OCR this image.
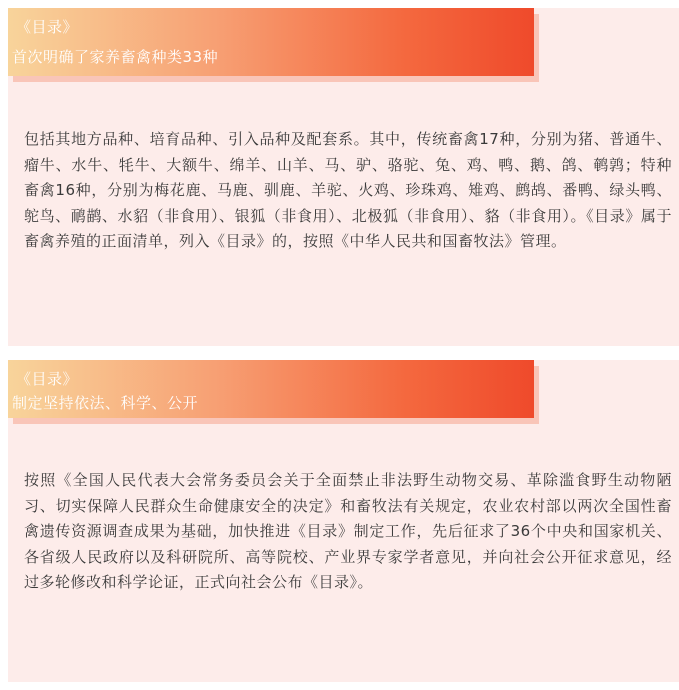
《目录》
首次明确了家养畜禽种类33种

包括其地方品种、培育品种、引入品种及配套系。其中，传统畜禽17种，分别为猪、普通牛、瘤牛、水牛、牦牛、大额牛、绵羊、山羊、马、驴、骆驼、兔、鸡、鸭、鹅、鸽、鹌鹑；特种畜禽16种，分别为梅花鹿、马鹿、驯鹿、羊驼、火鸡、珍珠鸡、雉鸡、鹧鸪、番鸭、绿头鸭、鸵鸟、鸸鹋、水貂（非食用）、银狐（非食用）、北极狐（非食用）、貉（非食用）。《目录》属于畜禽养殖的正面清单，列入《目录》的，按照《中华人民共和国畜牧法》管理。

《目录》
制定坚持依法、科学、公开

按照《全国人民代表大会常务委员会关于全面禁止非法野生动物交易、革除滥食野生动物陋习、切实保障人民群众生命健康安全的决定》和畜牧法有关规定，农业农村部以两次全国性畜禽遗传资源调查成果为基础，加快推进《目录》制定工作，先后征求了36个中央和国家机关、各省级人民政府以及科研院所、高等院校、产业界专家学者意见，并向社会公开征求意见，经过多轮修改和科学论证，正式向社会公布《目录》。
